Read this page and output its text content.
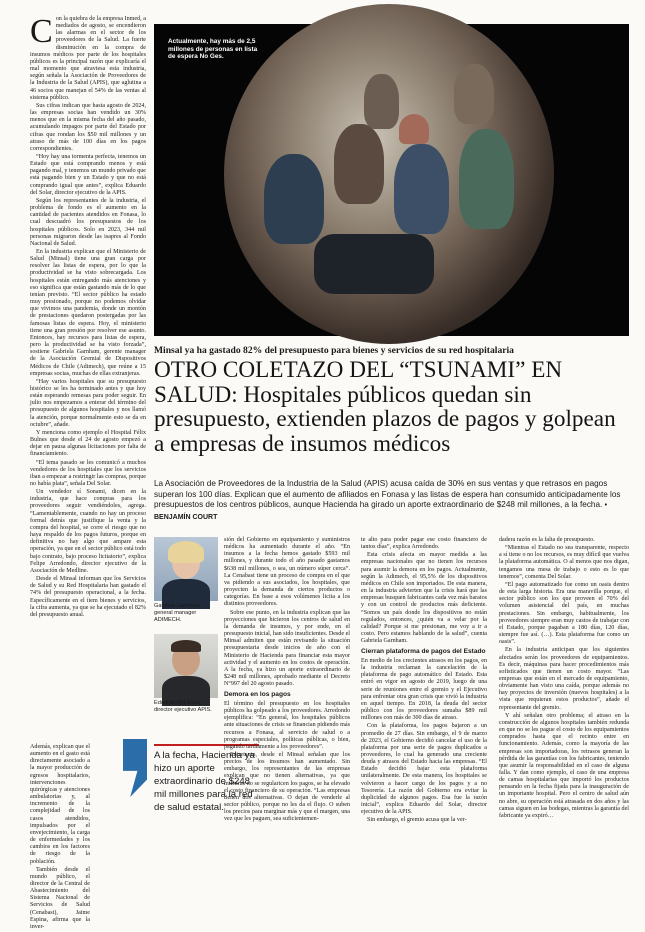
C on la quiebra de la empresa Inmed, a mediados de agosto, se encendieron las alarmas en el sector de los proveedores de la Salud. La fuerte disminución en la compra de insumos médicos por parte de los hospitales públicos es la principal razón que explicaría el mal momento que atraviesa esta industria, según señala la Asociación de Proveedores de la Industria de la Salud (APIS), que aglutina a 46 socios que manejan el 54% de las ventas al sistema público.

Sus cifras indican que hasta agosto de 2024, las empresas socias han vendido un 30% menos que en la misma fecha del año pasado, acumulando impagos por parte del Estado por cifras que rondan los $50 mil millones y un atraso de más de 100 días en los pagos correspondientes.

“Hoy hay una tormenta perfecta, tenemos un Estado que está comprando menos y está pagando mal, y tenemos un mundo privado que está pagando bien y un Estado y que no está comprando igual que antes”, explica Eduardo del Solar, director ejecutivo de la APIS.

Según los representantes de la industria, el problema de fondo es el aumento en la cantidad de pacientes atendidos en Fonasa, lo cual descuadró los presupuestos de los hospitales públicos. Solo en 2023, 344 mil personas migraron desde las isapres al Fondo Nacional de Salud.

En la industria explican que el Ministerio de Salud (Minsal) tiene una gran carga por resolver las listas de espera, por lo que la productividad se ha visto sobrecargada. Los hospitales están entregando más atenciones y eso significa que están gastando más de lo que tenían previsto. “El sector público ha estado muy presionado, porque no podemos olvidar que vivimos una pandemia, donde un montón de prestaciones quedaron postergadas por las famosas listas de espera. Hoy, el ministerio tiene una gran presión por resolver ese asunto. Entonces, hay recursos para listas de espera, pero la productividad se ha visto forzada”, sostiene Gabriela Garnham, gerente manager de la Asociación Gremial de Dispositivos Médicos de Chile (Adimech), que reúne a 15 empresas socias, muchas de ellas extranjeras.

“Hay varios hospitales que su presupuesto histórico se les ha terminado antes y que hoy están esperando remesas para poder seguir. En julio nos empezamos a enterar del término del presupuesto de algunos hospitales y nos llamó la atención, porque normalmente esto se da en octubre”, añade.

Y menciona como ejemplo el Hospital Félix Bulnes que desde el 24 de agosto empezó a dejar en pausa algunas licitaciones por falta de financiamiento.

“El tema pasado se les comunicó a muchos vendedores de los hospitales que los servicios iban a empezar a restringir las compras, porque no había plata”, señala Del Solar.

Un vendedor sí Sonami, dicen en la industria, que hace compras para los proveedores seguir vendiéndoles, agrega. “Lamentablemente, cuando no hay un proceso formal detrás que justifique la venta y la compra del hospital, se corre el riesgo que no haya respaldo de los pagos futuros, porque en definitiva no hay algo que ampare esta operación, ya que en el sector público está todo bajo contrato, bajo proceso licitatorio”, explica Felipe Arredondo, director ejecutivo de la Asociación de Medline.

Desde el Minsal informan que los Servicios de Salud y su Red Hospitalaria han gastado el 74% del presupuesto operacional, a la fecha. Específicamente en el ítem bienes y servicios, la cifra aumenta, ya que se ha ejecutado el 82% del presupuesto anual.

Además, explican que el aumento en el gasto está directamente asociado a la mayor producción de egresos hospitalarios, intervenciones quirúrgicas y atenciones ambulatorias y, al incremento de la complejidad de los casos atendidos, impulsados por el envejecimiento, la carga de enfermedades y los cambios en los factores de riesgo de la población.

También desde el mundo público, el director de la Central de Abastecimiento del Sistema Nacional de Servicios de Salud (Cenabast), Jaime Espina, afirma que la inver-

Actualmente, hay más de 2,5 millones de personas en lista de espera No Ges.
Minsal ya ha gastado 82% del presupuesto para bienes y servicios de su red hospitalaria
OTRO COLETAZO DEL “TSUNAMI” EN SALUD: Hospitales públicos quedan sin presupuesto, extienden plazos de pagos y golpean a empresas de insumos médicos
La Asociación de Proveedores de la Industria de la Salud (APIS) acusa caída de 30% en sus ventas y que retrasos en pagos superan los 100 días. Explican que el aumento de afiliados en Fonasa y las listas de espera han consumido anticipadamente los presupuestos de los centros públicos, aunque Hacienda ha girado un aporte extraordinario de $248 mil millones, a la fecha. • BENJAMÍN COURT
Gabriela Garnham,
general manager ADIMECH.
Eduardo Del Solar,
director ejecutivo APIS.
A la fecha, Hacienda ya hizo un aporte extraordinario de $248 mil millones para la red de salud estatal.

sión del Gobierno en equipamiento y suministros médicos ha aumentado durante el año. “En insumos a la fecha hemos gastado $593 mil millones, y durante todo el año pasado gastamos $638 mil millones, o sea, un número súper cerca”. La Cenabast tiene un proceso de compra en el que va pidiendo a sus asociados, los hospitales, que proyecten la demanda de ciertos productos o categorías. En base a esos volúmenes licita a los distintos proveedores.

Sobre ese punto, en la industria explican que las proyecciones que hicieron los centros de salud en la demanda de insumos, y por ende, en el presupuesto inicial, han sido insuficientes. Desde el Minsal admiten que están revisando la situación presupuestaria desde inicios de año con el Ministerio de Hacienda para financiar esta mayor actividad y el aumento en los costos de operación. A la fecha, ya hizo un aporte extraordinario de $248 mil millones, aprobado mediante el Decreto N°997 del 20 agosto pasado.

Demora en los pagos

El término del presupuesto en los hospitales públicos ha golpeado a los proveedores. Arredondo ejemplifica: “En general, los hospitales públicos ante situaciones de crisis se financian pidiendo más recursos a Fonasa, al servicio de salud o a programas especiales, políticas públicas, o bien, pagando tardíamente a los proveedores”.

Entretanto, desde el Minsal señalan que los precios de los insumos han aumentado. Sin embargo, los representantes de las empresas explican que no tienen alternativas, ya que mientras no se regularicen los pagos, se ha elevado el costo financiero de su operación. “Las empresas tienen dos alternativas. O dejan de venderle al sector público, porque no les da el flujo. O suben los precios para marginar más y que el margen, una vez que les paguen, sea suficientemen-

te alto para poder pagar ese costo financiero de tantos días”, explica Arredondo.

Esta crisis afecta en mayor medida a las empresas nacionales que no tienen los recursos para asumir la demora en los pagos. Actualmente, según la Adimech, el 95,5% de los dispositivos médicos en Chile son importados. De esta manera, en la industria advierten que la crisis hará que las empresas busquen fabricantes cada vez más baratos y con un control de productos más deficiente. “Somos un país donde los dispositivos no están regulados, entonces, ¿quién va a velar por la calidad? Porque si me presionan, me voy a ir a costo. Pero estamos hablando de la salud”, cuenta Gabriela Garnham.

Cierran plataforma de pagos del Estado

En medio de los crecientes atrasos en los pagos, en la industria reclaman la cancelación de la plataforma de pago automático del Estado. Esta entró en vigor en agosto de 2019, luego de una serie de reuniones entre el gremio y el Ejecutivo para enfrentar otra gran crisis que vivió la industria en aquel tiempo. En 2018, la deuda del sector público con los proveedores sumaba $89 mil millones con más de 300 días de atraso.

Con la plataforma, los pagos bajaron a un promedio de 27 días. Sin embargo, el 9 de marzo de 2023, el Gobierno decidió cancelar el uso de la plataforma por una serie de pagos duplicados a proveedores, lo cual ha generado una creciente deuda y atrasos del Estado hacia las empresas. “El Estado decidió bajar esta plataforma unilateralmente. De esta manera, los hospitales se volvieron a hacer cargo de los pagos y a no Tesorería. La razón del Gobierno era evitar la duplicidad de algunos pagos. Esa fue la razón inicial”, explica Eduardo del Solar, director ejecutivo de la APIS.

Sin embargo, el gremio acusa que la ver-

dadera razón es la falta de presupuesto.

“Mientras el Estado no sea transparente, respecto a sí tiene o no los recursos, es muy difícil que vuelva la plataforma automática. O al menos que nos digan, tengamos una mesa de trabajo o esto es lo que tenemos”, comenta Del Solar.

“El pago automatizado fue como un oasis dentro de esta larga historia. Era una maravilla porque, el sector público son los que proveen el 70% del volumen asistencial del país, en muchas prestaciones. Sin embargo, habitualmente, los proveedores siempre eran muy castos de trabajar con el Estado, porque pagaban a 180 días, 120 días, siempre fue así. (…). Esta plataforma fue como un oasis”.

En la industria anticipan que los siguientes afectados serán los proveedores de equipamientos. Es decir, máquinas para hacer procedimientos más sofisticados que tienen un costo mayor. “Las empresas que están en el mercado de equipamiento, obviamente han visto una caída, porque además no hay proyectos de inversión (nuevos hospitales) a la vista que requieran estos productos”, añade el representante del gremio.

Y ahí señalan otro problema; el atraso en la construcción de algunos hospitales también redunda en que no se les pague el costo de los equipamientos comprados hasta que el recinto entre en funcionamiento. Además, como la mayoría de las empresas son importadoras, los retrasos generan la pérdida de las garantías con los fabricantes, teniendo que asumir la responsabilidad en el caso de alguna falla. Y dan como ejemplo, el caso de una empresa de camas hospitalarias que importó los productos pensando en la fecha fijada para la inauguración de un importante hospital. Pero el centro de salud aún no abre, su operación está atrasada en dos años y las camas siguen en las bodegas, mientras la garantía del fabricante ya expiró…
